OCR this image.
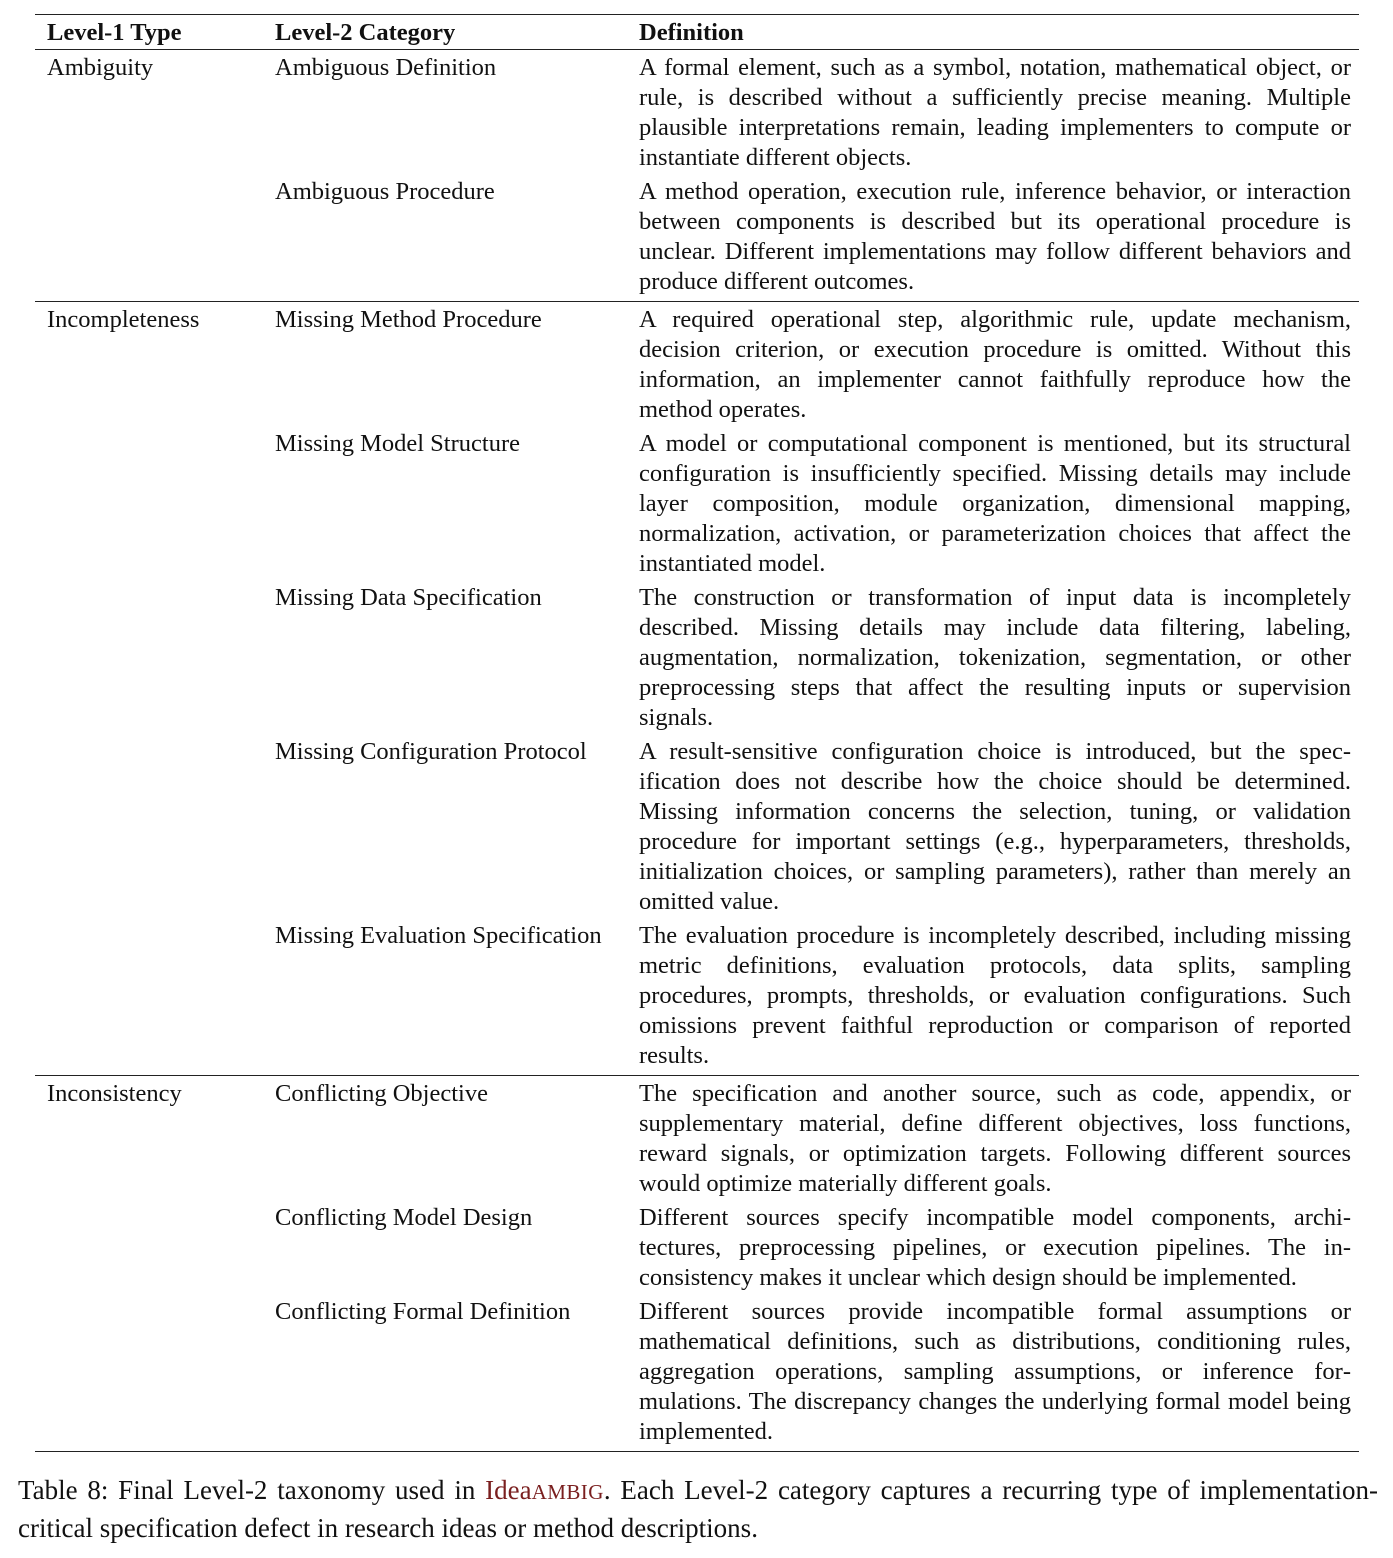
Level-1 Type	Level-2 Category	Definition
Ambiguity	Ambiguous Definition	A formal element, such as a symbol, notation, mathematical object, or rule, is described without a sufficiently precise meaning. Multiple plausible interpretations remain, leading implementers to compute or instantiate different objects.
	Ambiguous Procedure	A method operation, execution rule, inference behavior, or interaction between components is described but its operational procedure is unclear. Different implementations may follow different behaviors and produce different outcomes.
Incompleteness	Missing Method Procedure	A required operational step, algorithmic rule, update mechanism, decision criterion, or execution procedure is omitted. Without this information, an implementer cannot faithfully reproduce how the method operates.
	Missing Model Structure	A model or computational component is mentioned, but its structural configuration is insufficiently specified. Missing details may include layer composition, module organization, dimensional mapping, normalization, activation, or parameterization choices that affect the instantiated model.
	Missing Data Specification	The construction or transformation of input data is incompletely described. Missing details may include data filtering, labeling, augmentation, normalization, tokenization, segmentation, or other preprocessing steps that affect the resulting inputs or supervision signals.
	Missing Configuration Protocol	A result-sensitive configuration choice is introduced, but the specification does not describe how the choice should be determined. Missing information concerns the selection, tuning, or validation procedure for important settings (e.g., hyperparameters, thresholds, initialization choices, or sampling parameters), rather than merely an omitted value.
	Missing Evaluation Specification	The evaluation procedure is incompletely described, including missing metric definitions, evaluation protocols, data splits, sampling procedures, prompts, thresholds, or evaluation configurations. Such omissions prevent faithful reproduction or comparison of reported results.
Inconsistency	Conflicting Objective	The specification and another source, such as code, appendix, or supplementary material, define different objectives, loss functions, reward signals, or optimization targets. Following different sources would optimize materially different goals.
	Conflicting Model Design	Different sources specify incompatible model components, architectures, preprocessing pipelines, or execution pipelines. The inconsistency makes it unclear which design should be implemented.
	Conflicting Formal Definition	Different sources provide incompatible formal assumptions or mathematical definitions, such as distributions, conditioning rules, aggregation operations, sampling assumptions, or inference formulations. The discrepancy changes the underlying formal model being implemented.
Table 8: Final Level-2 taxonomy used in IdeaAMBIG. Each Level-2 category captures a recurring type of implementation-critical specification defect in research ideas or method descriptions.
